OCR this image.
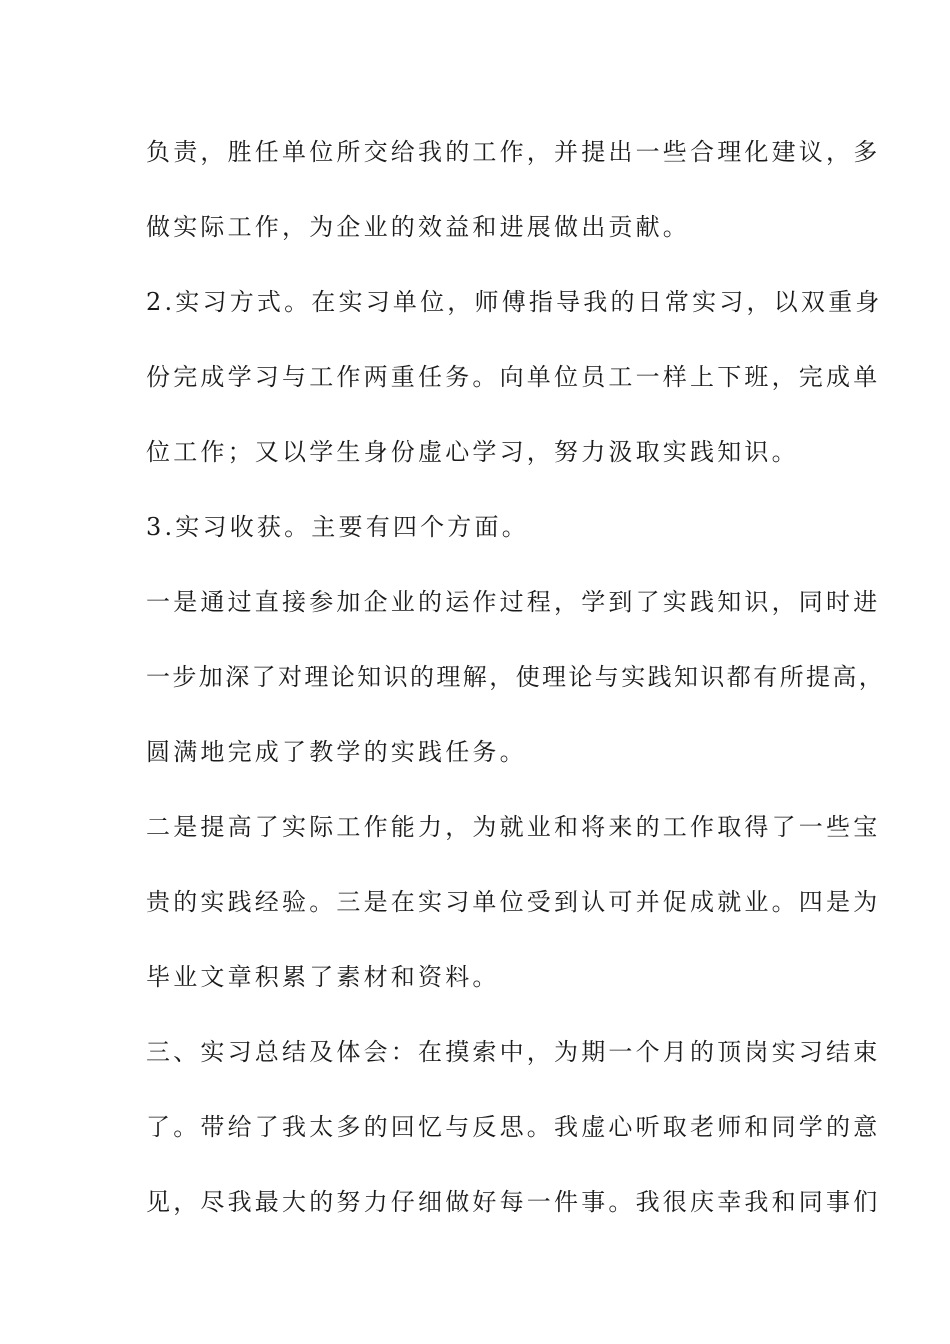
负责，胜任单位所交给我的工作，并提出一些合理化建议，多

做实际工作，为企业的效益和进展做出贡献。

2.实习方式。在实习单位，师傅指导我的日常实习，以双重身

份完成学习与工作两重任务。向单位员工一样上下班，完成单

位工作；又以学生身份虚心学习，努力汲取实践知识。

3.实习收获。主要有四个方面。

一是通过直接参加企业的运作过程，学到了实践知识，同时进

一步加深了对理论知识的理解，使理论与实践知识都有所提高，

圆满地完成了教学的实践任务。

二是提高了实际工作能力，为就业和将来的工作取得了一些宝

贵的实践经验。三是在实习单位受到认可并促成就业。四是为

毕业文章积累了素材和资料。

三、实习总结及体会：在摸索中，为期一个月的顶岗实习结束

了。带给了我太多的回忆与反思。我虚心听取老师和同学的意

见，尽我最大的努力仔细做好每一件事。我很庆幸我和同事们
